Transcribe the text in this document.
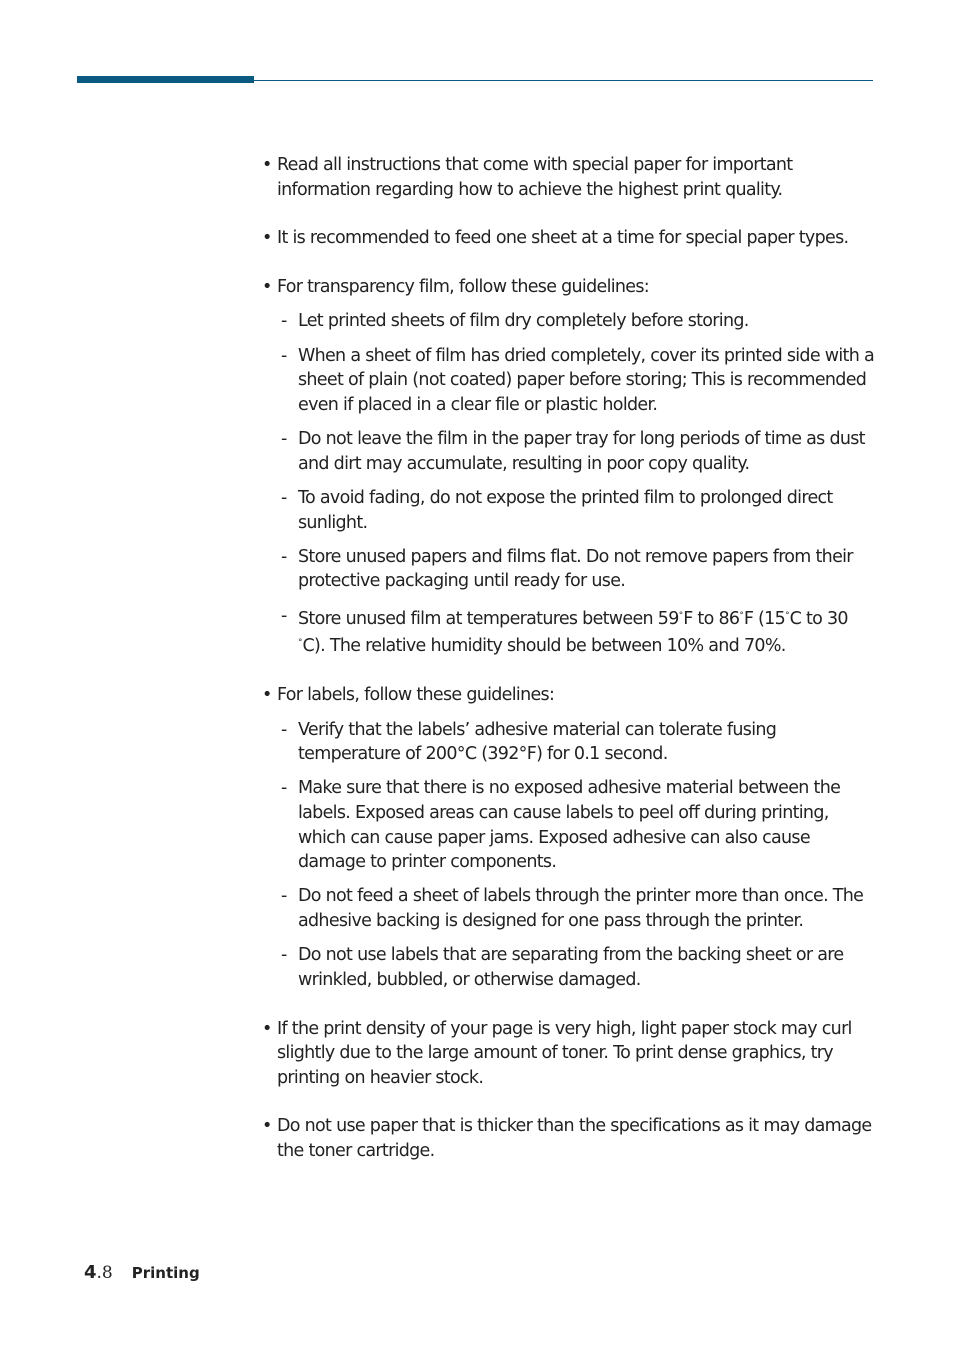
• Read all instructions that come with special paper for important information regarding how to achieve the highest print quality.
• It is recommended to feed one sheet at a time for special paper types.
• For transparency film, follow these guidelines:
- Let printed sheets of film dry completely before storing.
- When a sheet of film has dried completely, cover its printed side with a sheet of plain (not coated) paper before storing; This is recommended even if placed in a clear file or plastic holder.
- Do not leave the film in the paper tray for long periods of time as dust and dirt may accumulate, resulting in poor copy quality.
- To avoid fading, do not expose the printed film to prolonged direct sunlight.
- Store unused papers and films flat. Do not remove papers from their protective packaging until ready for use.
- Store unused film at temperatures between 59°F to 86°F (15°C to 30 °C). The relative humidity should be between 10% and 70%.
• For labels, follow these guidelines:
- Verify that the labels’ adhesive material can tolerate fusing temperature of 200°C (392°F) for 0.1 second.
- Make sure that there is no exposed adhesive material between the labels. Exposed areas can cause labels to peel off during printing, which can cause paper jams. Exposed adhesive can also cause damage to printer components.
- Do not feed a sheet of labels through the printer more than once. The adhesive backing is designed for one pass through the printer.
- Do not use labels that are separating from the backing sheet or are wrinkled, bubbled, or otherwise damaged.
• If the print density of your page is very high, light paper stock may curl slightly due to the large amount of toner. To print dense graphics, try printing on heavier stock.
• Do not use paper that is thicker than the specifications as it may damage the toner cartridge.
4 .8 Printing
